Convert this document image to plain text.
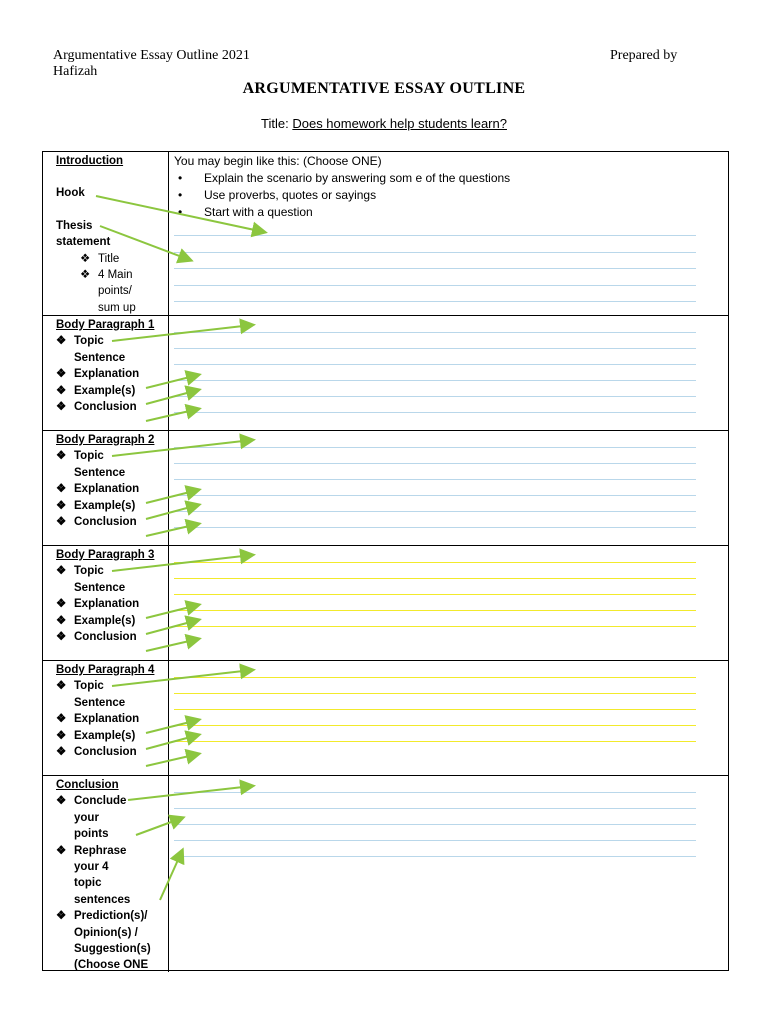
Argumentative Essay Outline 2021	Prepared by
Hafizah
ARGUMENTATIVE ESSAY OUTLINE
Title: Does homework help students learn?
Introduction
Hook
Thesis statement
❖ Title
❖ 4 Main points/ sum up
You may begin like this: (Choose ONE)
• Explain the scenario by answering som e of the questions
• Use proverbs, quotes or sayings
• Start with a question
Body Paragraph 1
❖ Topic Sentence
❖ Explanation
❖ Example(s)
❖ Conclusion
Body Paragraph 2
❖ Topic Sentence
❖ Explanation
❖ Example(s)
❖ Conclusion
Body Paragraph 3
❖ Topic Sentence
❖ Explanation
❖ Example(s)
❖ Conclusion
Body Paragraph 4
❖ Topic Sentence
❖ Explanation
❖ Example(s)
❖ Conclusion
Conclusion
❖ Conclude your points
❖ Rephrase your 4 topic sentences
❖ Prediction(s)/ Opinion(s) / Suggestion(s) (Choose ONE
